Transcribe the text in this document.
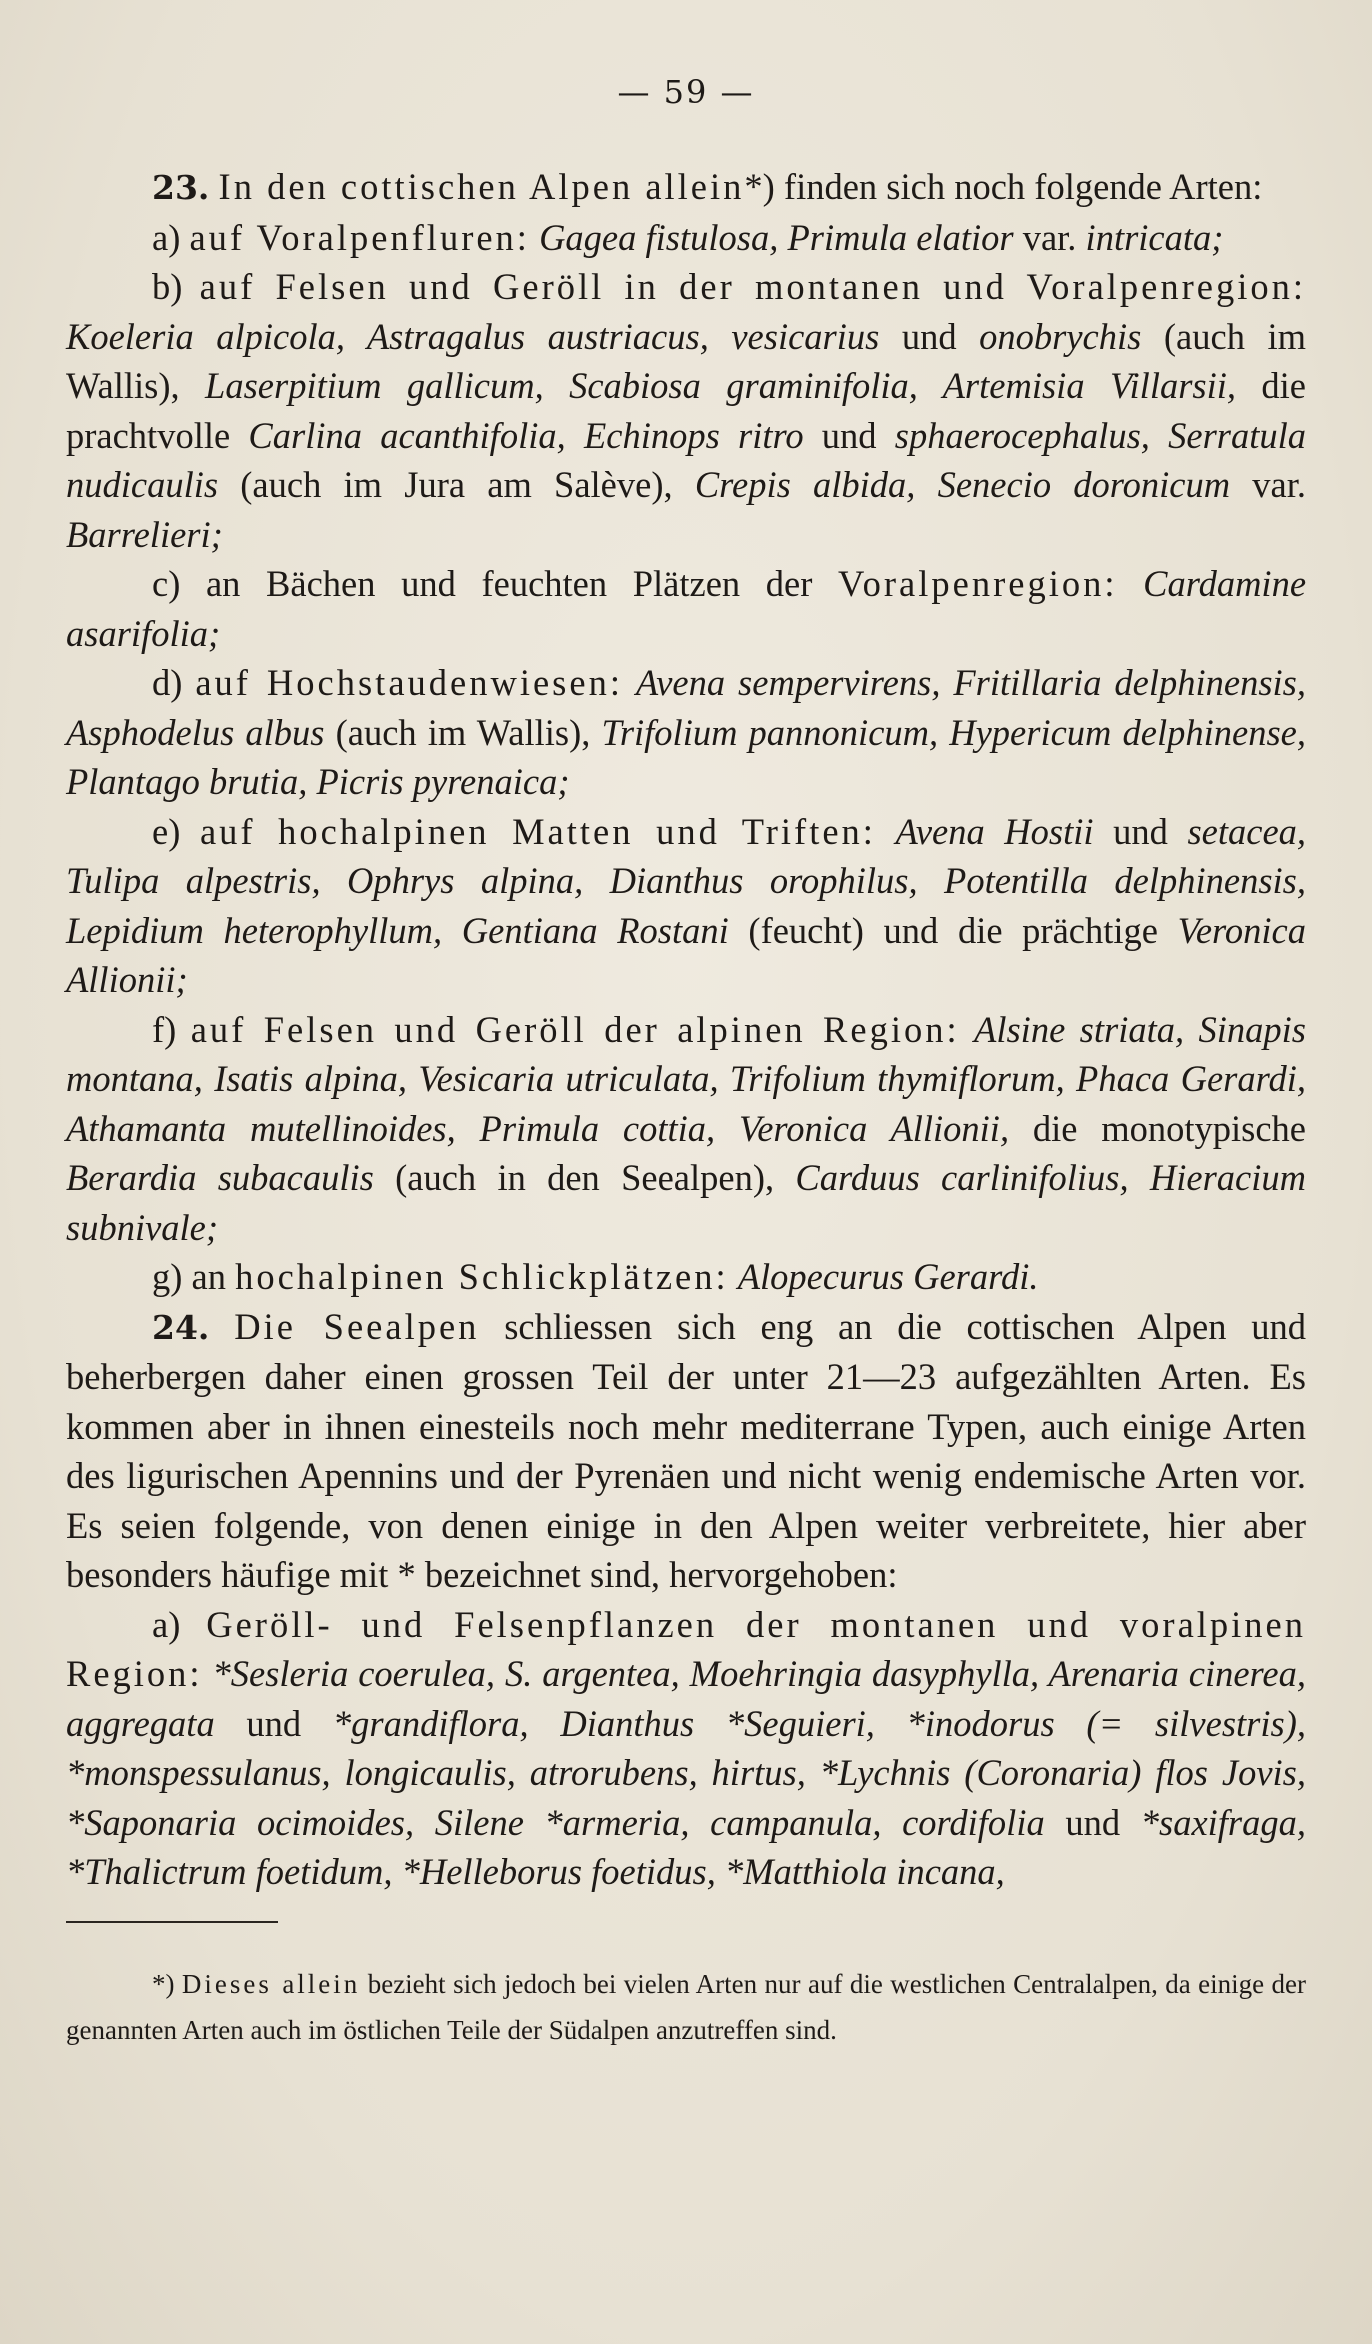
— 59 —

23. In den cottischen Alpen allein*) finden sich noch folgende Arten:

a) auf Voralpenfluren: Gagea fistulosa, Primula elatior var. intricata;

b) auf Felsen und Geröll in der montanen und Voralpenregion: Koeleria alpicola, Astragalus austriacus, vesicarius und onobrychis (auch im Wallis), Laserpitium gallicum, Scabiosa graminifolia, Artemisia Villarsii, die prachtvolle Carlina acanthifolia, Echinops ritro und sphaerocephalus, Serratula nudicaulis (auch im Jura am Salève), Crepis albida, Senecio doronicum var. Barrelieri;

c) an Bächen und feuchten Plätzen der Voralpenregion: Cardamine asarifolia;

d) auf Hochstaudenwiesen: Avena sempervirens, Fritillaria delphinensis, Asphodelus albus (auch im Wallis), Trifolium pannonicum, Hypericum delphinense, Plantago brutia, Picris pyrenaica;

e) auf hochalpinen Matten und Triften: Avena Hostii und setacea, Tulipa alpestris, Ophrys alpina, Dianthus orophilus, Potentilla delphinensis, Lepidium heterophyllum, Gentiana Rostani (feucht) und die prächtige Veronica Allionii;

f) auf Felsen und Geröll der alpinen Region: Alsine striata, Sinapis montana, Isatis alpina, Vesicaria utriculata, Trifolium thymiflorum, Phaca Gerardi, Athamanta mutellinoides, Primula cottia, Veronica Allionii, die monotypische Berardia subacaulis (auch in den Seealpen), Carduus carlinifolius, Hieracium subnivale;

g) an hochalpinen Schlickplätzen: Alopecurus Gerardi.

24. Die Seealpen schliessen sich eng an die cottischen Alpen und beherbergen daher einen grossen Teil der unter 21—23 aufgezählten Arten. Es kommen aber in ihnen einesteils noch mehr mediterrane Typen, auch einige Arten des ligurischen Apennins und der Pyrenäen und nicht wenig endemische Arten vor. Es seien folgende, von denen einige in den Alpen weiter verbreitete, hier aber besonders häufige mit * bezeichnet sind, hervorgehoben:

a) Geröll- und Felsenpflanzen der montanen und voralpinen Region: *Sesleria coerulea, S. argentea, Moehringia dasyphylla, Arenaria cinerea, aggregata und *grandiflora, Dianthus *Seguieri, *inodorus (= silvestris), *monspessulanus, longicaulis, atrorubens, hirtus, *Lychnis (Coronaria) flos Jovis, *Saponaria ocimoides, Silene *armeria, campanula, cordifolia und *saxifraga, *Thalictrum foetidum, *Helleborus foetidus, *Matthiola incana,

*) Dieses allein bezieht sich jedoch bei vielen Arten nur auf die westlichen Centralalpen, da einige der genannten Arten auch im östlichen Teile der Südalpen anzutreffen sind.
